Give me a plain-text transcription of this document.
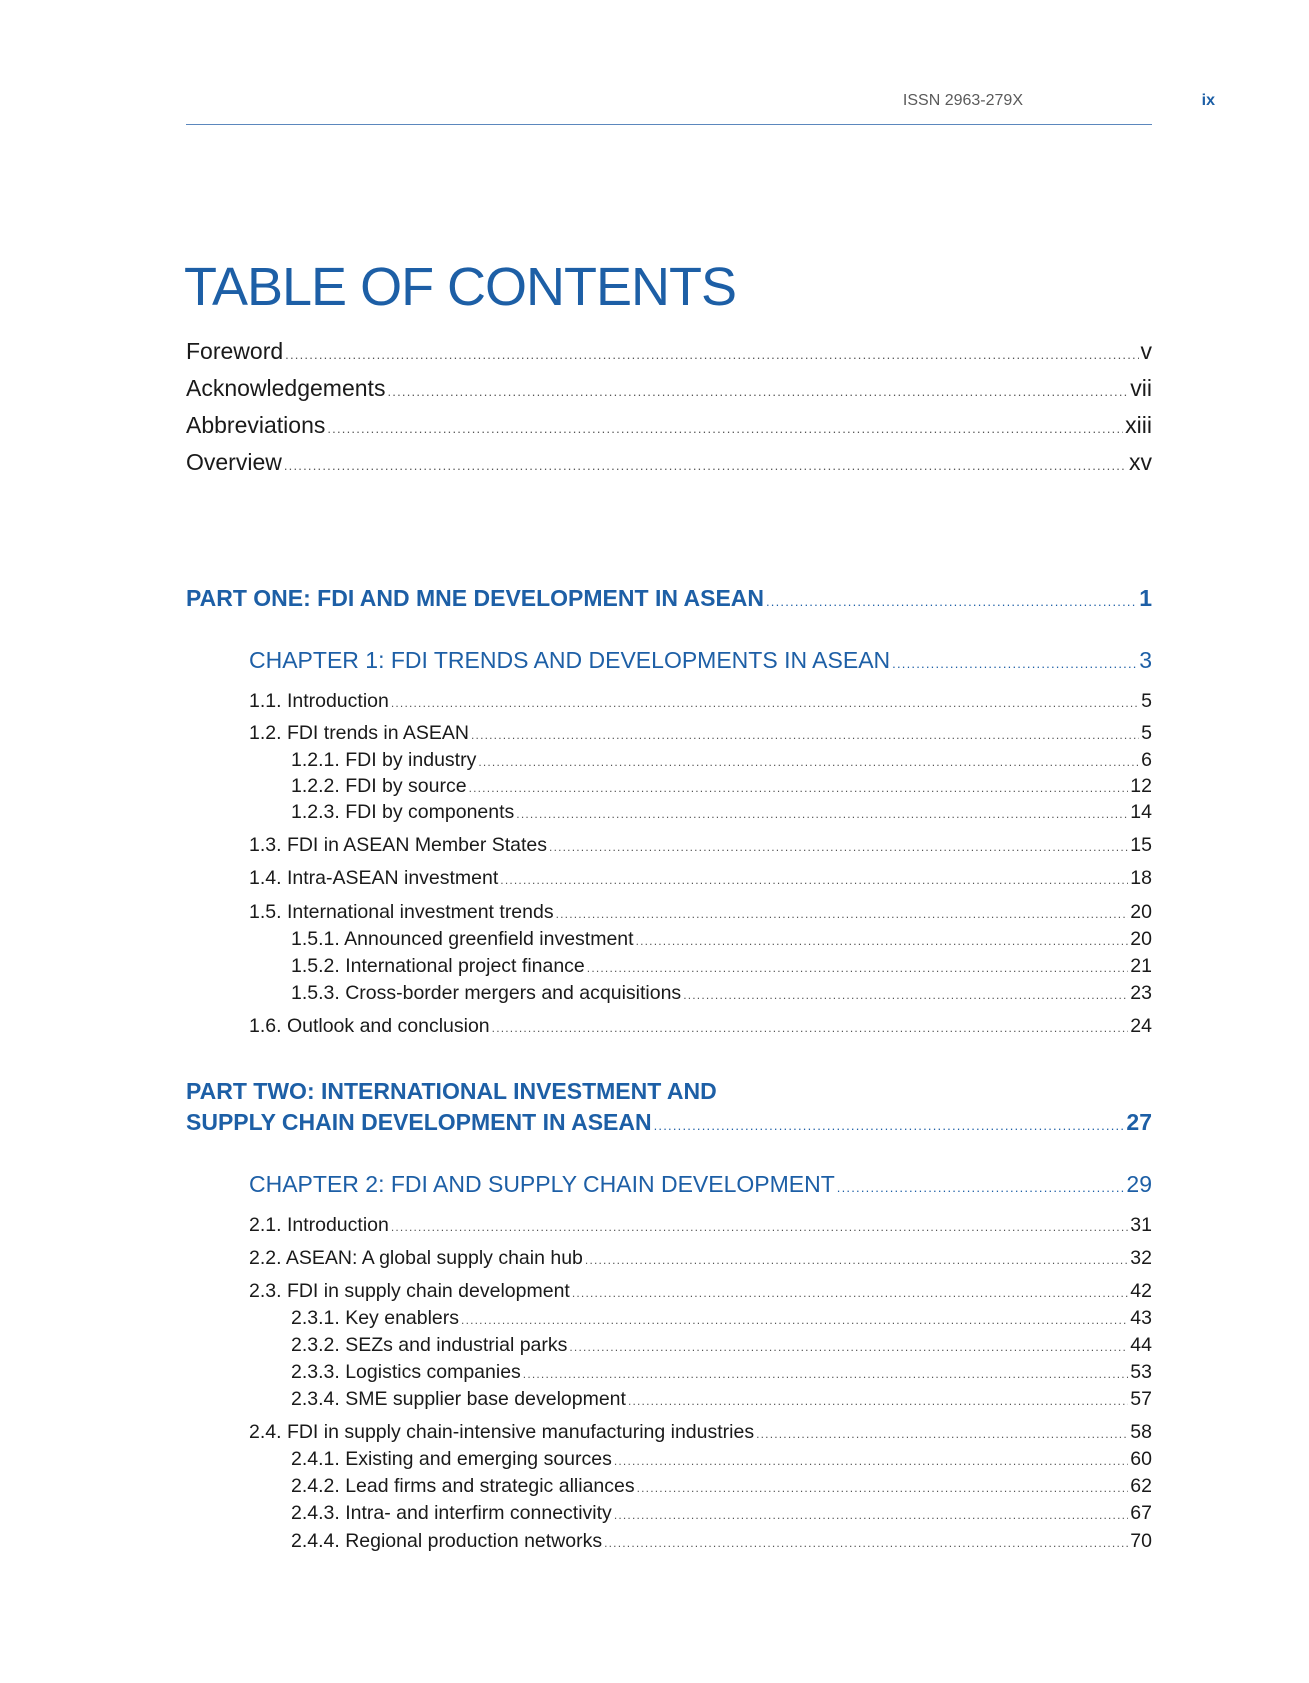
ISSN 2963-279X	ix
TABLE OF CONTENTS
Foreword .....	v
Acknowledgements .....	vii
Abbreviations .....	xiii
Overview .....	xv
PART ONE: FDI AND MNE DEVELOPMENT IN ASEAN .....	1
CHAPTER 1: FDI TRENDS AND DEVELOPMENTS IN ASEAN .....	3
1.1. Introduction .....	5
1.2. FDI trends in ASEAN .....	5
1.2.1. FDI by industry .....	6
1.2.2. FDI by source .....	12
1.2.3. FDI by components .....	14
1.3. FDI in ASEAN Member States .....	15
1.4. Intra-ASEAN investment .....	18
1.5. International investment trends .....	20
1.5.1. Announced greenfield investment .....	20
1.5.2. International project finance .....	21
1.5.3. Cross-border mergers and acquisitions .....	23
1.6. Outlook and conclusion .....	24
PART TWO: INTERNATIONAL INVESTMENT AND
SUPPLY CHAIN DEVELOPMENT IN ASEAN .....	27
CHAPTER 2: FDI AND SUPPLY CHAIN DEVELOPMENT .....	29
2.1. Introduction .....	31
2.2. ASEAN: A global supply chain hub .....	32
2.3. FDI in supply chain development .....	42
2.3.1. Key enablers .....	43
2.3.2. SEZs and industrial parks .....	44
2.3.3. Logistics companies .....	53
2.3.4. SME supplier base development .....	57
2.4. FDI in supply chain-intensive manufacturing industries .....	58
2.4.1. Existing and emerging sources .....	60
2.4.2. Lead firms and strategic alliances .....	62
2.4.3. Intra- and interfirm connectivity .....	67
2.4.4. Regional production networks .....	70
